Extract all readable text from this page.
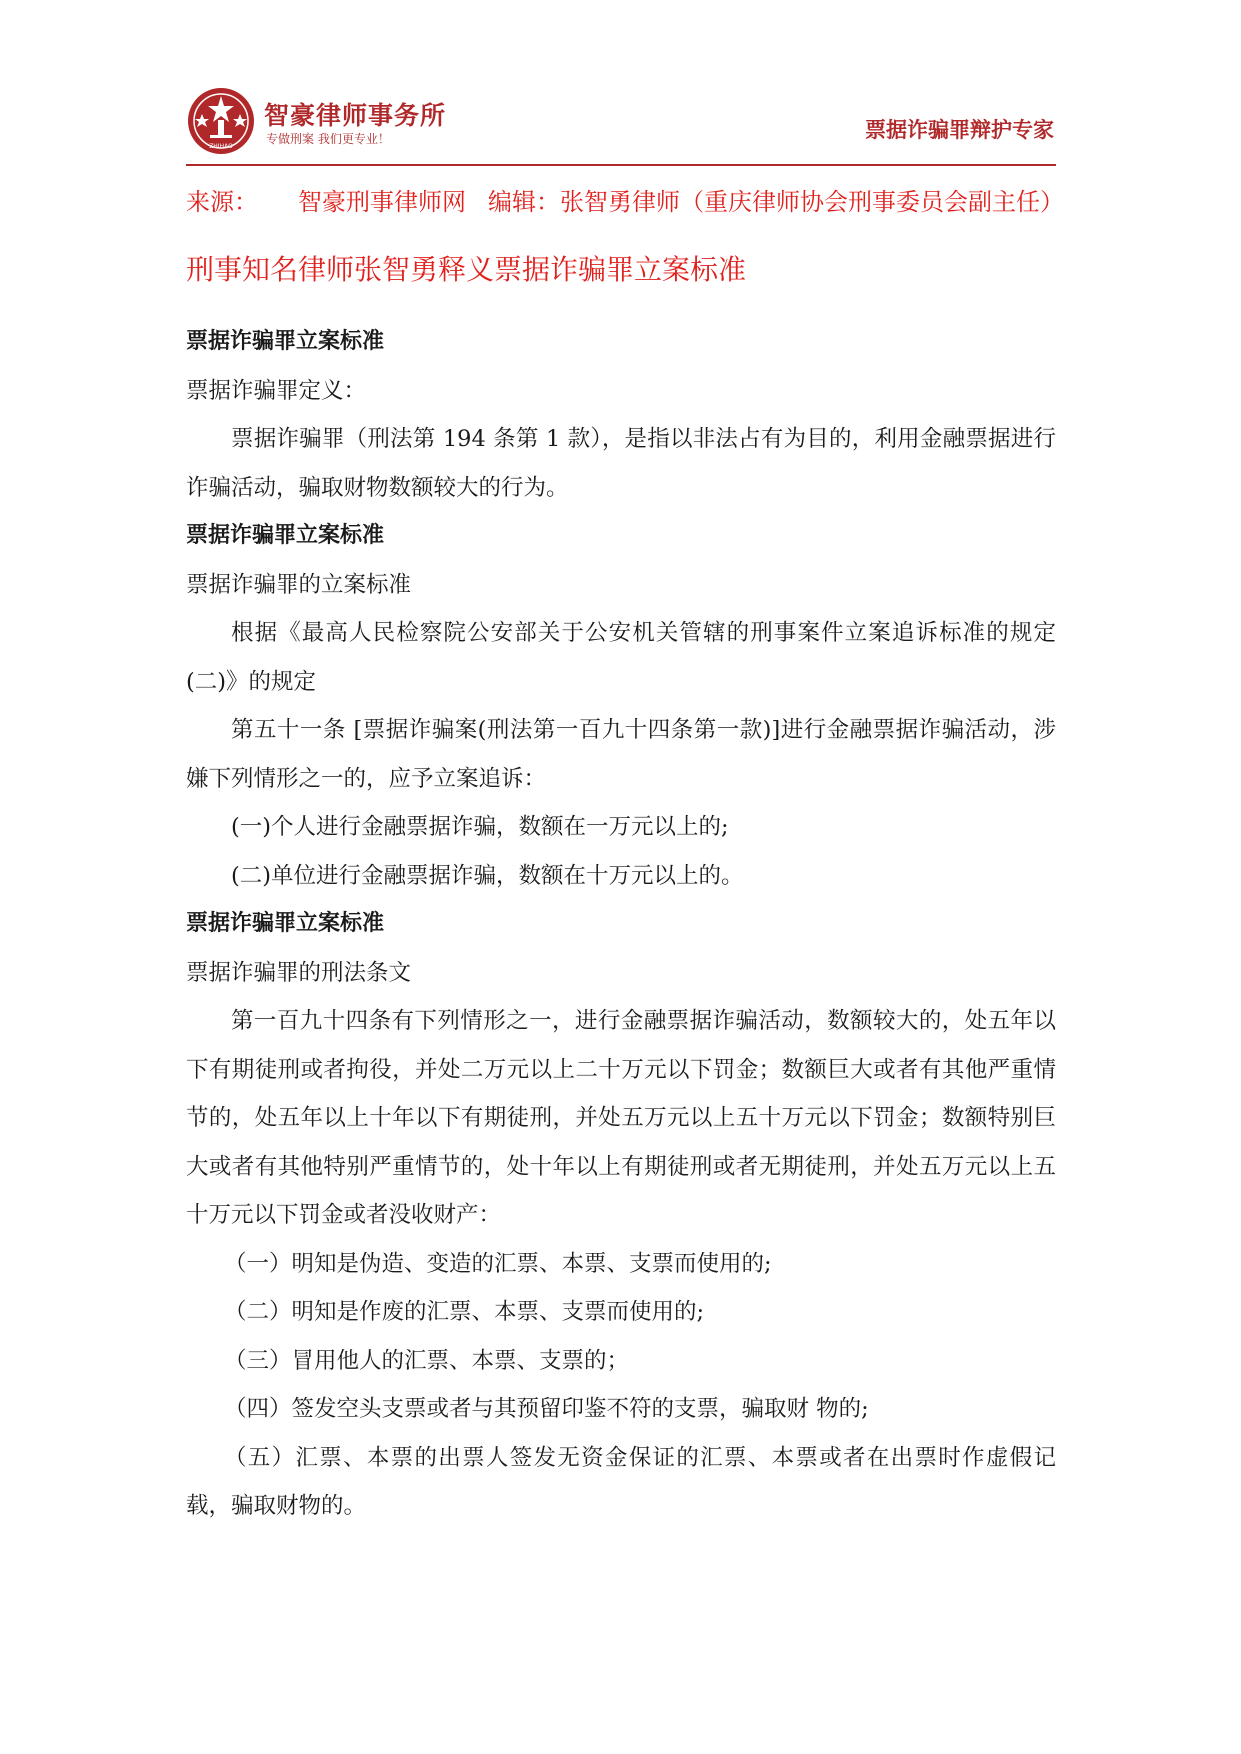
ZHIHAO
智豪律师事务所
专做刑案 我们更专业！	票据诈骗罪辩护专家
来源： 智豪刑事律师网 编辑：张智勇律师（重庆律师协会刑事委员会副主任）
刑事知名律师张智勇释义票据诈骗罪立案标准

票据诈骗罪立案标准

票据诈骗罪定义：

票据诈骗罪（刑法第 194 条第 1 款），是指以非法占有为目的，利用金融票据进行诈骗活动，骗取财物数额较大的行为。

票据诈骗罪立案标准

票据诈骗罪的立案标准

根据《最高人民检察院公安部关于公安机关管辖的刑事案件立案追诉标准的规定(二)》的规定

第五十一条 [票据诈骗案(刑法第一百九十四条第一款)]进行金融票据诈骗活动，涉嫌下列情形之一的，应予立案追诉：

(一)个人进行金融票据诈骗，数额在一万元以上的;

(二)单位进行金融票据诈骗，数额在十万元以上的。

票据诈骗罪立案标准

票据诈骗罪的刑法条文

第一百九十四条有下列情形之一，进行金融票据诈骗活动，数额较大的，处五年以下有期徒刑或者拘役，并处二万元以上二十万元以下罚金；数额巨大或者有其他严重情节的，处五年以上十年以下有期徒刑，并处五万元以上五十万元以下罚金；数额特别巨大或者有其他特别严重情节的，处十年以上有期徒刑或者无期徒刑，并处五万元以上五十万元以下罚金或者没收财产：

（一）明知是伪造、变造的汇票、本票、支票而使用的;

（二）明知是作废的汇票、本票、支票而使用的;

（三）冒用他人的汇票、本票、支票的；

（四）签发空头支票或者与其预留印鉴不符的支票，骗取财 物的;

（五）汇票、本票的出票人签发无资金保证的汇票、本票或者在出票时作虚假记载，骗取财物的。
